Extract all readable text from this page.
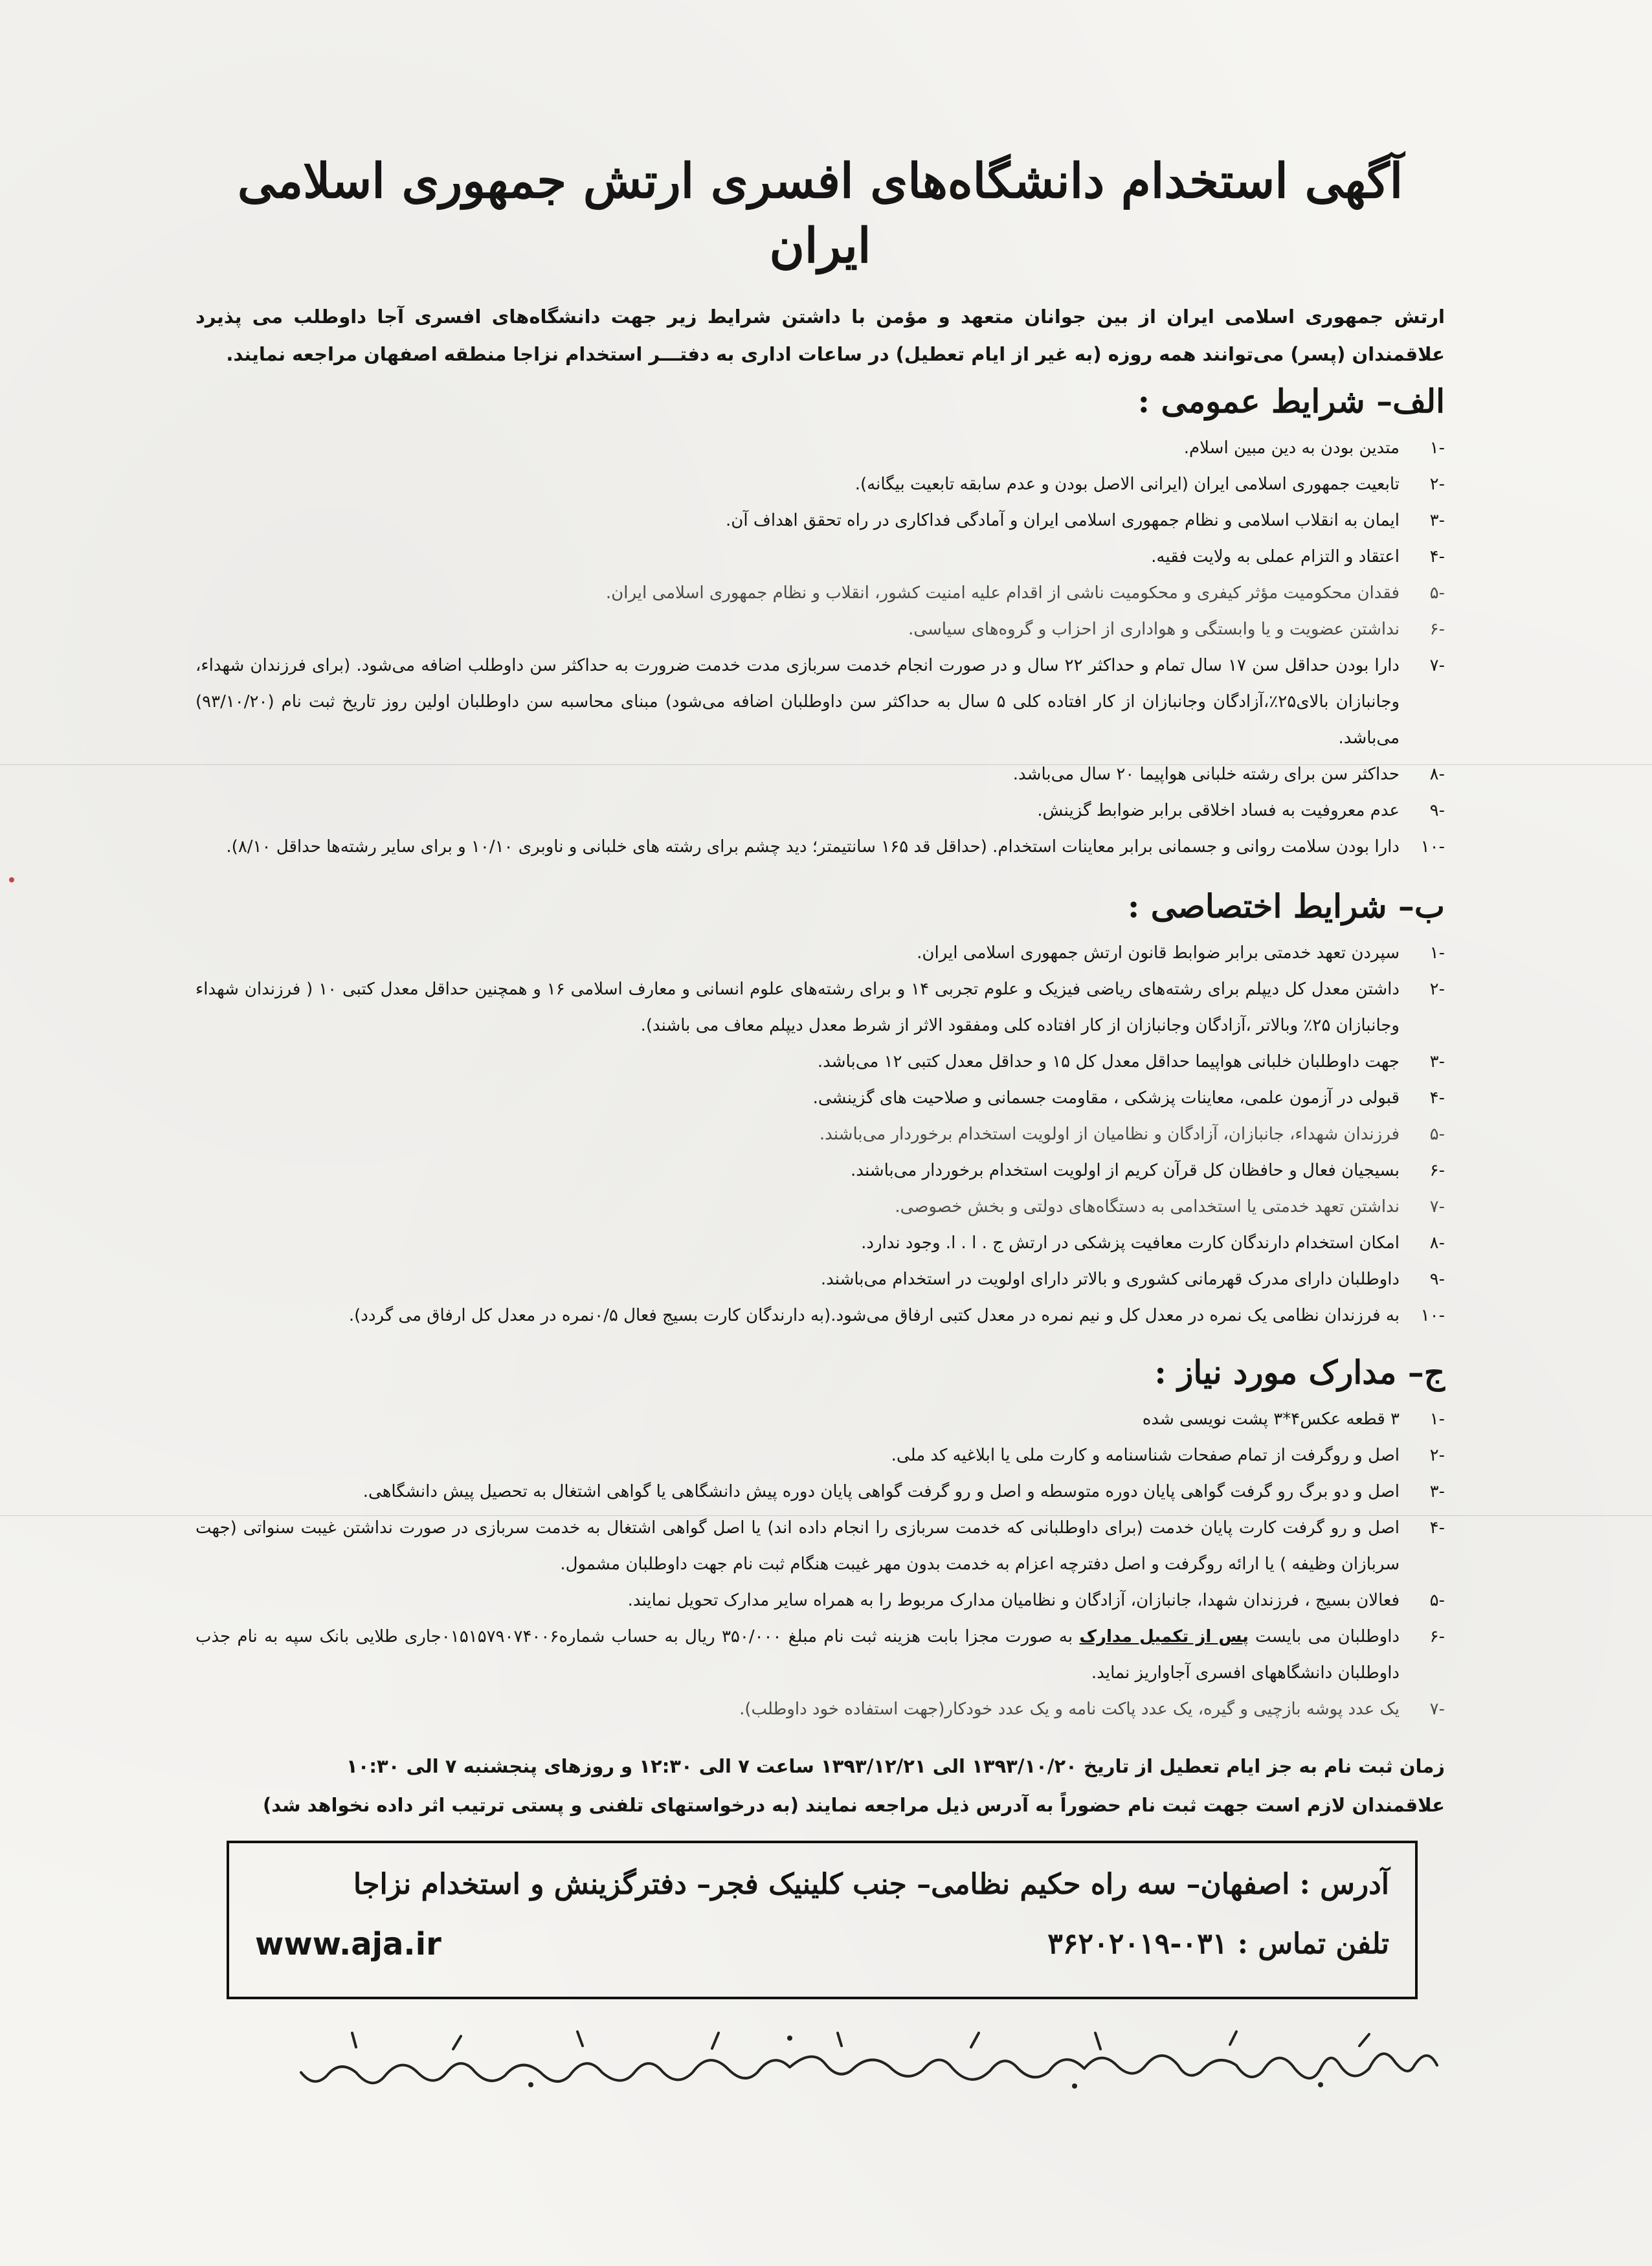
آگهی استخدام دانشگاه‌های افسری ارتش جمهوری اسلامی ایران

ارتش جمهوری اسلامی ایران از بین جوانان متعهد و مؤمن با داشتن شرایط زیر جهت دانشگاه‌های افسری آجا داوطلب می پذیرد علاقمندان (پسر) می‌توانند همه روزه (به غیر از ایام تعطیل) در ساعات اداری به دفتـــر استخدام نزاجا منطقه اصفهان مراجعه نمایند.

الف– شرایط عمومی :
-۱
متدین بودن به دین مبین اسلام.
-۲
تابعیت جمهوری اسلامی ایران (ایرانی الاصل بودن و عدم سابقه تابعیت بیگانه).
-۳
ایمان به انقلاب اسلامی و نظام جمهوری اسلامی ایران و آمادگی فداکاری در راه تحقق اهداف آن.
-۴
اعتقاد و التزام عملی به ولایت فقیه.
-۵
فقدان محکومیت مؤثر کیفری و محکومیت ناشی از اقدام علیه امنیت کشور، انقلاب و نظام جمهوری اسلامی ایران.
-۶
نداشتن عضویت و یا وابستگی و هواداری از احزاب و گروه‌های سیاسی.
-۷
دارا بودن حداقل سن ۱۷ سال تمام و حداکثر ۲۲ سال و در صورت انجام خدمت سربازی مدت خدمت ضرورت به حداکثر سن داوطلب اضافه می‌شود. (برای فرزندان شهداء، وجانبازان بالای۲۵٪،آزادگان وجانبازان از کار افتاده کلی ۵ سال به حداکثر سن داوطلبان اضافه می‌شود) مبنای محاسبه سن داوطلبان اولین روز تاریخ ثبت نام (۹۳/۱۰/۲۰) می‌باشد.
-۸
حداکثر سن برای رشته خلبانی هواپیما ۲۰ سال می‌باشد.
-۹
عدم معروفیت به فساد اخلاقی برابر ضوابط گزینش.
-۱۰
دارا بودن سلامت روانی و جسمانی برابر معاینات استخدام. (حداقل قد ۱۶۵ سانتیمتر؛ دید چشم برای رشته های خلبانی و ناوبری ۱۰/۱۰ و برای سایر رشته‌ها حداقل ۸/۱۰).
ب– شرایط اختصاصی :
-۱
سپردن تعهد خدمتی برابر ضوابط قانون ارتش جمهوری اسلامی ایران.
-۲
داشتن معدل کل دیپلم برای رشته‌های ریاضی فیزیک و علوم تجربی ۱۴ و برای رشته‌های علوم انسانی و معارف اسلامی ۱۶ و همچنین حداقل معدل کتبی ۱۰ ( فرزندان شهداء وجانبازان ۲۵٪ وبالاتر ،آزادگان وجانبازان از کار افتاده کلی ومفقود الاثر از شرط معدل دیپلم معاف می باشند).
-۳
جهت داوطلبان خلبانی هواپیما حداقل معدل کل ۱۵ و حداقل معدل کتبی ۱۲ می‌باشد.
-۴
قبولی در آزمون علمی، معاینات پزشکی ، مقاومت جسمانی و صلاحیت های گزینشی.
-۵
فرزندان شهداء، جانبازان، آزادگان و نظامیان از اولویت استخدام برخوردار می‌باشند.
-۶
بسیجیان فعال و حافظان کل قرآن کریم از اولویت استخدام برخوردار می‌باشند.
-۷
نداشتن تعهد خدمتی یا استخدامی به دستگاه‌های دولتی و بخش خصوصی.
-۸
امکان استخدام دارندگان کارت معافیت پزشکی در ارتش ج . ا . ا. وجود ندارد.
-۹
داوطلبان دارای مدرک قهرمانی کشوری و بالاتر دارای اولویت در استخدام می‌باشند.
-۱۰
به فرزندان نظامی یک نمره در معدل کل و نیم نمره در معدل کتبی ارفاق می‌شود.(به دارندگان کارت بسیج فعال ۰/۵نمره در معدل کل ارفاق می گردد).
ج– مدارک مورد نیاز :
-۱
۳ قطعه عکس۴*۳ پشت نویسی شده
-۲
اصل و روگرفت از تمام صفحات شناسنامه و کارت ملی یا ابلاغیه کد ملی.
-۳
اصل و دو برگ رو گرفت گواهی پایان دوره متوسطه و اصل و رو گرفت گواهی پایان دوره پیش دانشگاهی یا گواهی اشتغال به تحصیل پیش دانشگاهی.
-۴
اصل و رو گرفت کارت پایان خدمت (برای داوطلبانی که خدمت سربازی را انجام داده اند) یا اصل گواهی اشتغال به خدمت سربازی در صورت نداشتن غیبت سنواتی (جهت سربازان وظیفه ) یا ارائه روگرفت و اصل دفترچه اعزام به خدمت بدون مهر غیبت هنگام ثبت نام جهت داوطلبان مشمول.
-۵
فعالان بسیج ، فرزندان شهدا، جانبازان، آزادگان و نظامیان مدارک مربوط را به همراه سایر مدارک تحویل نمایند.
-۶
داوطلبان می بایست پس از تکمیل مدارک به صورت مجزا بابت هزینه ثبت نام مبلغ ۳۵۰/۰۰۰ ریال به حساب شماره۰۱۵۱۵۷۹۰۷۴۰۰۶جاری طلایی بانک سپه به نام جذب داوطلبان دانشگاههای افسری آجاواریز نماید.
-۷
یک عدد پوشه بازچیی و گیره، یک عدد پاکت نامه و یک عدد خودکار(جهت استفاده خود داوطلب).

زمان ثبت نام به جز ایام تعطیل از تاریخ ۱۳۹۳/۱۰/۲۰ الی ۱۳۹۳/۱۲/۲۱ ساعت ۷ الی ۱۲:۳۰ و روزهای پنجشنبه ۷ الی ۱۰:۳۰

علاقمندان لازم است جهت ثبت نام حضوراً به آدرس ذیل مراجعه نمایند (به درخواستهای تلفنی و پستی ترتیب اثر داده نخواهد شد)

آدرس : اصفهان– سه راه حکیم نظامی– جنب کلینیک فجر– دفترگزینش و استخدام نزاجا
تلفن تماس : ۰۳۱-۳۶۲۰۲۰۱۹
www.aja.ir
